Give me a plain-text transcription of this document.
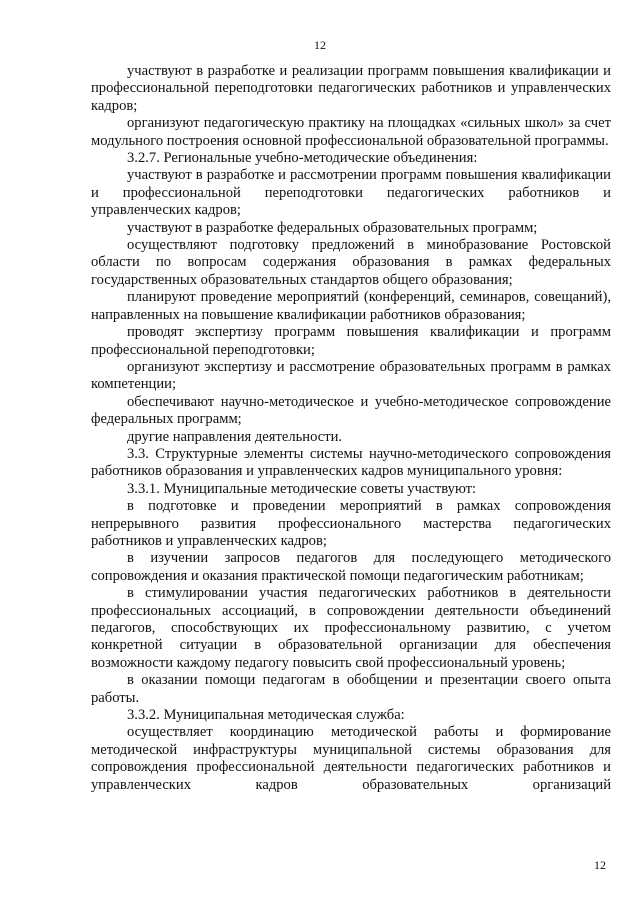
12

участвуют в разработке и реализации программ повышения квалификации и профессиональной переподготовки педагогических работников и управленческих кадров;

организуют педагогическую практику на площадках «сильных школ» за счет модульного построения основной профессиональной образовательной программы.

3.2.7. Региональные учебно-методические объединения:

участвуют в разработке и рассмотрении программ повышения квалификации и профессиональной переподготовки педагогических работников и управленческих кадров;

участвуют в разработке федеральных образовательных программ;

осуществляют подготовку предложений в минобразование Ростовской области по вопросам содержания образования в рамках федеральных государственных образовательных стандартов общего образования;

планируют проведение мероприятий (конференций, семинаров, совещаний), направленных на повышение квалификации работников образования;

проводят экспертизу программ повышения квалификации и программ профессиональной переподготовки;

организуют экспертизу и рассмотрение образовательных программ в рамках компетенции;

обеспечивают научно-методическое и учебно-методическое сопровождение федеральных программ;

другие направления деятельности.

3.3. Структурные элементы системы научно-методического сопровождения работников образования и управленческих кадров муниципального уровня:

3.3.1. Муниципальные методические советы участвуют:

в подготовке и проведении мероприятий в рамках сопровождения непрерывного развития профессионального мастерства педагогических работников и управленческих кадров;

в изучении запросов педагогов для последующего методического сопровождения и оказания практической помощи педагогическим работникам;

в стимулировании участия педагогических работников в деятельности профессиональных ассоциаций, в сопровождении деятельности объединений педагогов, способствующих их профессиональному развитию, с учетом конкретной ситуации в образовательной организации для обеспечения возможности каждому педагогу повысить свой профессиональный уровень;

в оказании помощи педагогам в обобщении и презентации своего опыта работы.

3.3.2. Муниципальная методическая служба:

осуществляет координацию методической работы и формирование методической инфраструктуры муниципальной системы образования для сопровождения профессиональной деятельности педагогических работников и управленческих кадров образовательных организаций

12
